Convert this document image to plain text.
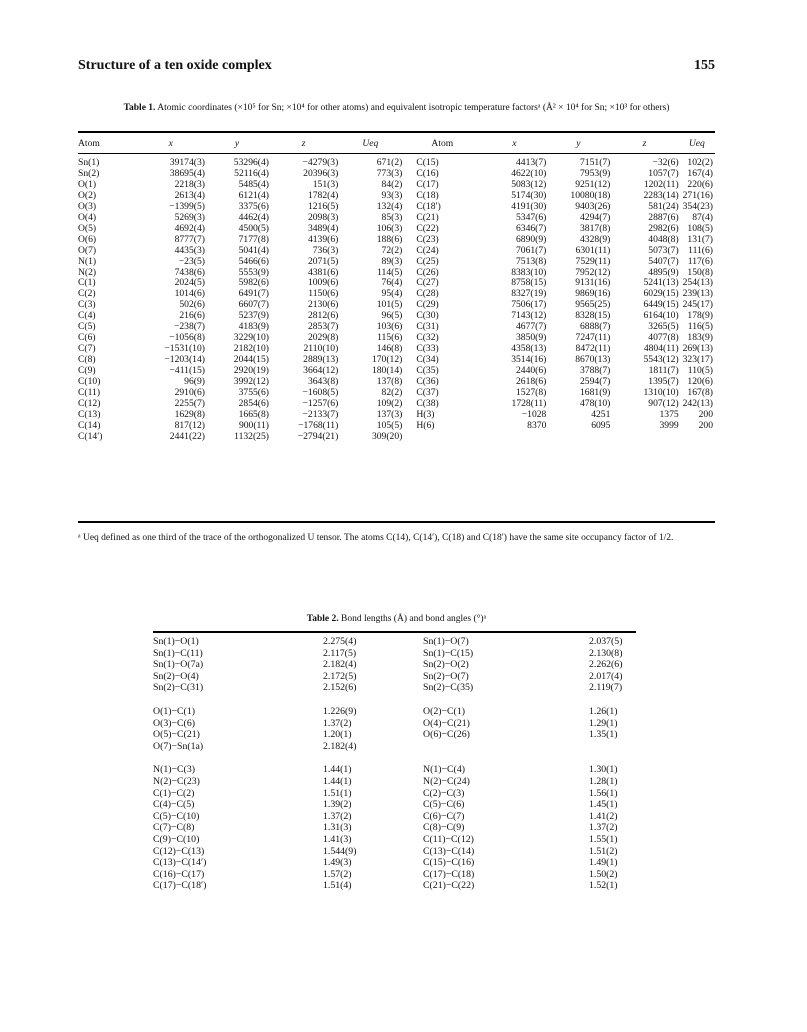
Structure of a ten oxide complex	155
Table 1. Atomic coordinates (×10⁵ for Sn; ×10⁴ for other atoms) and equivalent isotropic temperature factorsᵃ (Å² × 10⁴ for Sn; ×10³ for others)
Atom	x	y	z	Ueq	Atom	x	y	z	Ueq
Sn(1)	39174(3)	53296(4)	−4279(3)	671(2)	C(15)	4413(7)	7151(7)	−32(6)	102(2)
Sn(2)	38695(4)	52116(4)	20396(3)	773(3)	C(16)	4622(10)	7953(9)	1057(7)	167(4)
O(1)	2218(3)	5485(4)	151(3)	84(2)	C(17)	5083(12)	9251(12)	1202(11)	220(6)
O(2)	2613(4)	6121(4)	1782(4)	93(3)	C(18)	5174(30)	10080(18)	2283(14)	271(16)
O(3)	−1399(5)	3375(6)	1216(5)	132(4)	C(18′)	4191(30)	9403(26)	581(24)	354(23)
O(4)	5269(3)	4462(4)	2098(3)	85(3)	C(21)	5347(6)	4294(7)	2887(6)	87(4)
O(5)	4692(4)	4500(5)	3489(4)	106(3)	C(22)	6346(7)	3817(8)	2982(6)	108(5)
O(6)	8777(7)	7177(8)	4139(6)	188(6)	C(23)	6890(9)	4328(9)	4048(8)	131(7)
O(7)	4435(3)	5041(4)	736(3)	72(2)	C(24)	7061(7)	6301(11)	5073(7)	111(6)
N(1)	−23(5)	5466(6)	2071(5)	89(3)	C(25)	7513(8)	7529(11)	5407(7)	117(6)
N(2)	7438(6)	5553(9)	4381(6)	114(5)	C(26)	8383(10)	7952(12)	4895(9)	150(8)
C(1)	2024(5)	5982(6)	1009(6)	76(4)	C(27)	8758(15)	9131(16)	5241(13)	254(13)
C(2)	1014(6)	6491(7)	1150(6)	95(4)	C(28)	8327(19)	9869(16)	6029(15)	239(13)
C(3)	502(6)	6607(7)	2130(6)	101(5)	C(29)	7506(17)	9565(25)	6449(15)	245(17)
C(4)	216(6)	5237(9)	2812(6)	96(5)	C(30)	7143(12)	8328(15)	6164(10)	178(9)
C(5)	−238(7)	4183(9)	2853(7)	103(6)	C(31)	4677(7)	6888(7)	3265(5)	116(5)
C(6)	−1056(8)	3229(10)	2029(8)	115(6)	C(32)	3850(9)	7247(11)	4077(8)	183(9)
C(7)	−1531(10)	2182(10)	2110(10)	146(8)	C(33)	4358(13)	8472(11)	4804(11)	269(13)
C(8)	−1203(14)	2044(15)	2889(13)	170(12)	C(34)	3514(16)	8670(13)	5543(12)	323(17)
C(9)	−411(15)	2920(19)	3664(12)	180(14)	C(35)	2440(6)	3788(7)	1811(7)	110(5)
C(10)	96(9)	3992(12)	3643(8)	137(8)	C(36)	2618(6)	2594(7)	1395(7)	120(6)
C(11)	2910(6)	3755(6)	−1608(5)	82(2)	C(37)	1527(8)	1681(9)	1310(10)	167(8)
C(12)	2255(7)	2854(6)	−1257(6)	109(2)	C(38)	1728(11)	478(10)	907(12)	242(13)
C(13)	1629(8)	1665(8)	−2133(7)	137(3)	H(3)	−1028	4251	1375	200
C(14)	817(12)	900(11)	−1768(11)	105(5)	H(6)	8370	6095	3999	200
C(14′)	2441(22)	1132(25)	−2794(21)	309(20)					
ᵃ Ueq defined as one third of the trace of the orthogonalized U tensor. The atoms C(14), C(14′), C(18) and C(18′) have the same site occupancy factor of 1/2.
Table 2. Bond lengths (Å) and bond angles (°)ᵃ
Sn(1)−O(1)	2.275(4)	Sn(1)−O(7)	2.037(5)
Sn(1)−C(11)	2.117(5)	Sn(1)−C(15)	2.130(8)
Sn(1)−O(7a)	2.182(4)	Sn(2)−O(2)	2.262(6)
Sn(2)−O(4)	2.172(5)	Sn(2)−O(7)	2.017(4)
Sn(2)−C(31)	2.152(6)	Sn(2)−C(35)	2.119(7)

O(1)−C(1)	1.226(9)	O(2)−C(1)	1.26(1)
O(3)−C(6)	1.37(2)	O(4)−C(21)	1.29(1)
O(5)−C(21)	1.20(1)	O(6)−C(26)	1.35(1)
O(7)−Sn(1a)	2.182(4)		

N(1)−C(3)	1.44(1)	N(1)−C(4)	1.30(1)
N(2)−C(23)	1.44(1)	N(2)−C(24)	1.28(1)
C(1)−C(2)	1.51(1)	C(2)−C(3)	1.56(1)
C(4)−C(5)	1.39(2)	C(5)−C(6)	1.45(1)
C(5)−C(10)	1.37(2)	C(6)−C(7)	1.41(2)
C(7)−C(8)	1.31(3)	C(8)−C(9)	1.37(2)
C(9)−C(10)	1.41(3)	C(11)−C(12)	1.55(1)
C(12)−C(13)	1.544(9)	C(13)−C(14)	1.51(2)
C(13)−C(14′)	1.49(3)	C(15)−C(16)	1.49(1)
C(16)−C(17)	1.57(2)	C(17)−C(18)	1.50(2)
C(17)−C(18′)	1.51(4)	C(21)−C(22)	1.52(1)
